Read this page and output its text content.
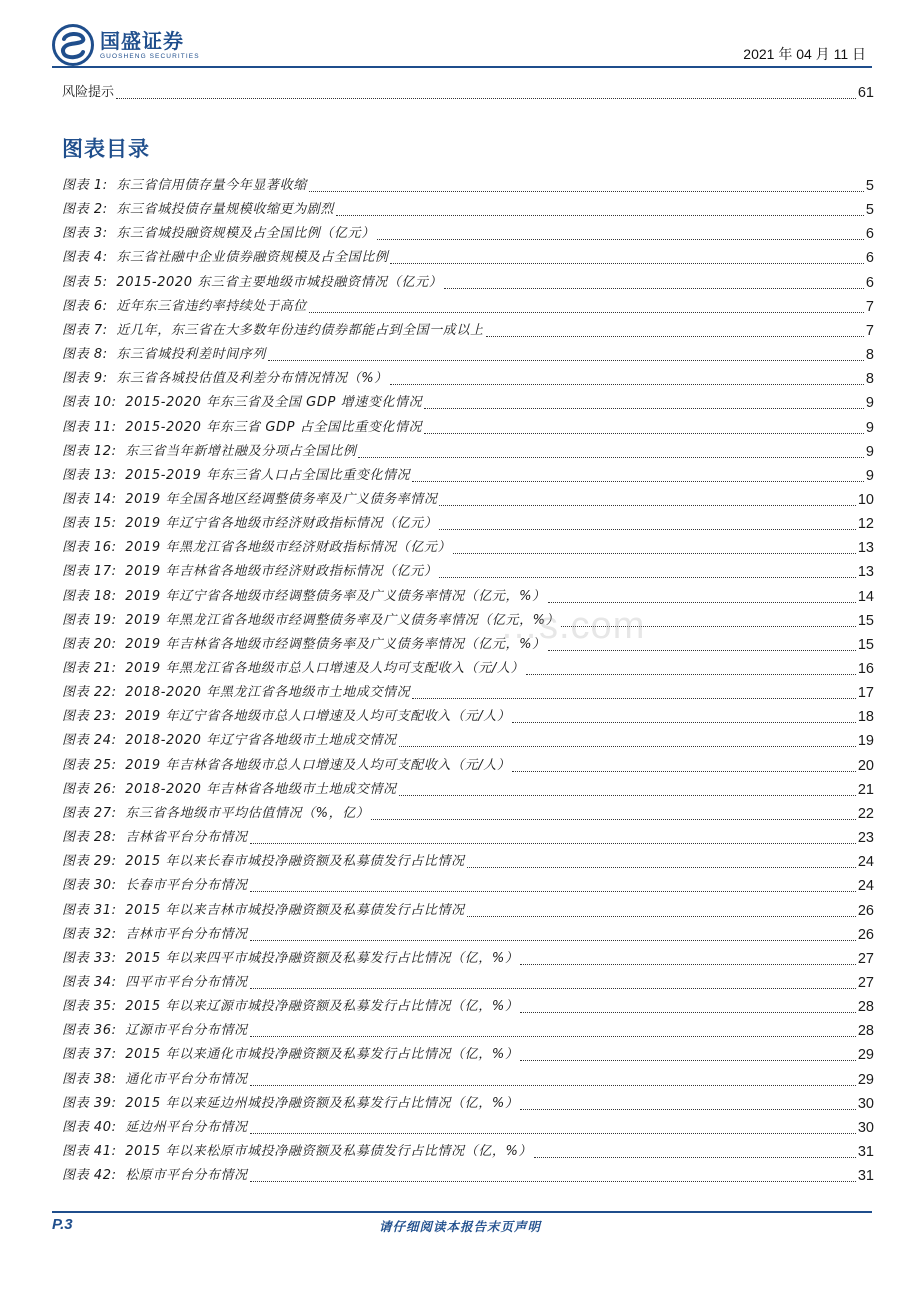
国盛证券
GUOSHENG SECURITIES	2021 年 04 月 11 日
风险提示	61
图表目录
图表 1: 东三省信用债存量今年显著收缩	5
图表 2: 东三省城投债存量规模收缩更为剧烈	5
图表 3: 东三省城投融资规模及占全国比例（亿元）	6
图表 4: 东三省社融中企业债券融资规模及占全国比例	6
图表 5: 2015-2020 东三省主要地级市城投融资情况（亿元）	6
图表 6: 近年东三省违约率持续处于高位	7
图表 7: 近几年，东三省在大多数年份违约债券都能占到全国一成以上	7
图表 8: 东三省城投利差时间序列	8
图表 9: 东三省各城投估值及利差分布情况情况（%）	8
图表 10: 2015-2020 年东三省及全国 GDP 增速变化情况	9
图表 11: 2015-2020 年东三省 GDP 占全国比重变化情况	9
图表 12: 东三省当年新增社融及分项占全国比例	9
图表 13: 2015-2019 年东三省人口占全国比重变化情况	9
图表 14: 2019 年全国各地区经调整债务率及广义债务率情况	10
图表 15: 2019 年辽宁省各地级市经济财政指标情况（亿元）	12
图表 16: 2019 年黑龙江省各地级市经济财政指标情况（亿元）	13
图表 17: 2019 年吉林省各地级市经济财政指标情况（亿元）	13
图表 18: 2019 年辽宁省各地级市经调整债务率及广义债务率情况（亿元，%）	14
图表 19: 2019 年黑龙江省各地级市经调整债务率及广义债务率情况（亿元，%）	15
图表 20: 2019 年吉林省各地级市经调整债务率及广义债务率情况（亿元，%）	15
图表 21: 2019 年黑龙江省各地级市总人口增速及人均可支配收入（元/人）	16
图表 22: 2018-2020 年黑龙江省各地级市土地成交情况	17
图表 23: 2019 年辽宁省各地级市总人口增速及人均可支配收入（元/人）	18
图表 24: 2018-2020 年辽宁省各地级市土地成交情况	19
图表 25: 2019 年吉林省各地级市总人口增速及人均可支配收入（元/人）	20
图表 26: 2018-2020 年吉林省各地级市土地成交情况	21
图表 27: 东三省各地级市平均估值情况（%，亿）	22
图表 28: 吉林省平台分布情况	23
图表 29: 2015 年以来长春市城投净融资额及私募债发行占比情况	24
图表 30: 长春市平台分布情况	24
图表 31: 2015 年以来吉林市城投净融资额及私募债发行占比情况	26
图表 32: 吉林市平台分布情况	26
图表 33: 2015 年以来四平市城投净融资额及私募发行占比情况（亿，%）	27
图表 34: 四平市平台分布情况	27
图表 35: 2015 年以来辽源市城投净融资额及私募发行占比情况（亿，%）	28
图表 36: 辽源市平台分布情况	28
图表 37: 2015 年以来通化市城投净融资额及私募发行占比情况（亿，%）	29
图表 38: 通化市平台分布情况	29
图表 39: 2015 年以来延边州城投净融资额及私募发行占比情况（亿，%）	30
图表 40: 延边州平台分布情况	30
图表 41: 2015 年以来松原市城投净融资额及私募债发行占比情况（亿，%）	31
图表 42: 松原市平台分布情况	31
…s.com
P.3	请仔细阅读本报告末页声明
